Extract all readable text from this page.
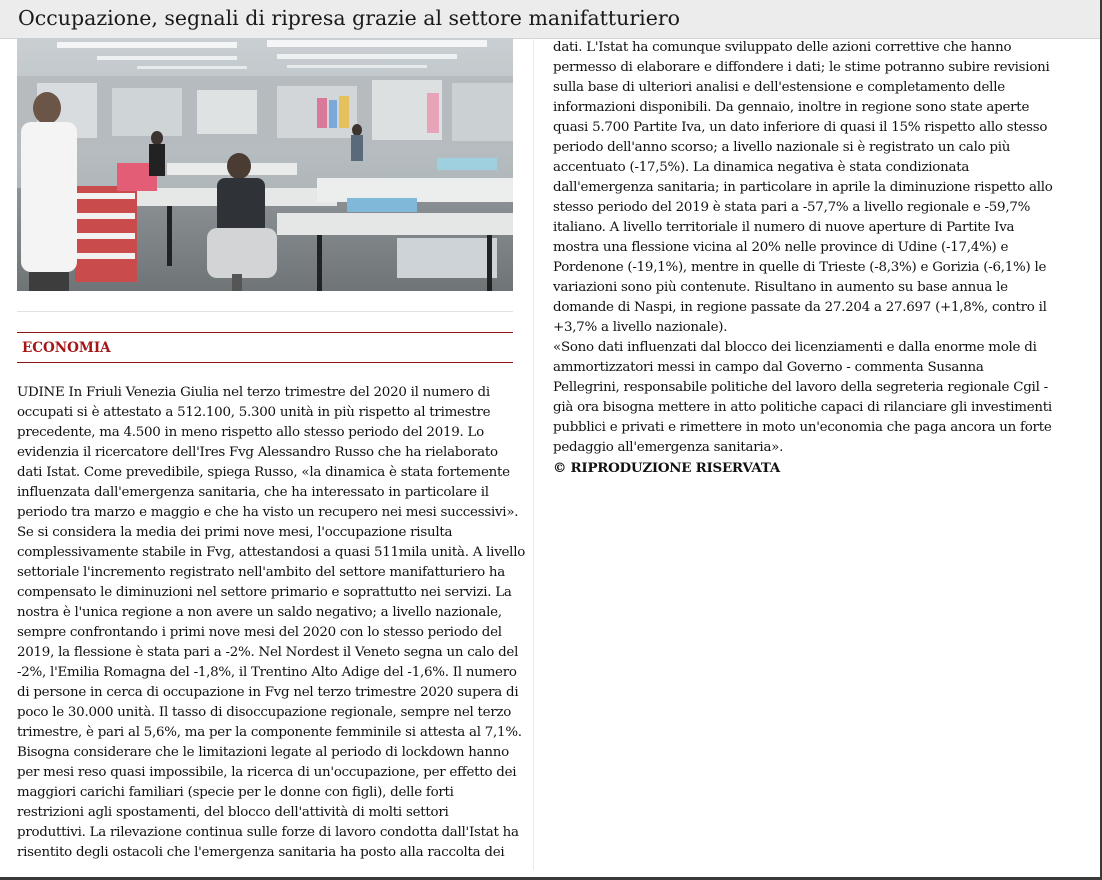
Occupazione, segnali di ripresa grazie al settore manifatturiero
ECONOMIA
UDINE In Friuli Venezia Giulia nel terzo trimestre del 2020 il numero di
occupati si è attestato a 512.100, 5.300 unità in più rispetto al trimestre
precedente, ma 4.500 in meno rispetto allo stesso periodo del 2019. Lo
evidenzia il ricercatore dell'Ires Fvg Alessandro Russo che ha rielaborato
dati Istat. Come prevedibile, spiega Russo, «la dinamica è stata fortemente
influenzata dall'emergenza sanitaria, che ha interessato in particolare il
periodo tra marzo e maggio e che ha visto un recupero nei mesi successivi».
Se si considera la media dei primi nove mesi, l'occupazione risulta
complessivamente stabile in Fvg, attestandosi a quasi 511mila unità. A livello
settoriale l'incremento registrato nell'ambito del settore manifatturiero ha
compensato le diminuzioni nel settore primario e soprattutto nei servizi. La
nostra è l'unica regione a non avere un saldo negativo; a livello nazionale,
sempre confrontando i primi nove mesi del 2020 con lo stesso periodo del
2019, la flessione è stata pari a -2%. Nel Nordest il Veneto segna un calo del
-2%, l'Emilia Romagna del -1,8%, il Trentino Alto Adige del -1,6%. Il numero
di persone in cerca di occupazione in Fvg nel terzo trimestre 2020 supera di
poco le 30.000 unità. Il tasso di disoccupazione regionale, sempre nel terzo
trimestre, è pari al 5,6%, ma per la componente femminile si attesta al 7,1%.
Bisogna considerare che le limitazioni legate al periodo di lockdown hanno
per mesi reso quasi impossibile, la ricerca di un'occupazione, per effetto dei
maggiori carichi familiari (specie per le donne con figli), delle forti
restrizioni agli spostamenti, del blocco dell'attività di molti settori
produttivi. La rilevazione continua sulle forze di lavoro condotta dall'Istat ha
risentito degli ostacoli che l'emergenza sanitaria ha posto alla raccolta dei
dati. L'Istat ha comunque sviluppato delle azioni correttive che hanno
permesso di elaborare e diffondere i dati; le stime potranno subire revisioni
sulla base di ulteriori analisi e dell'estensione e completamento delle
informazioni disponibili. Da gennaio, inoltre in regione sono state aperte
quasi 5.700 Partite Iva, un dato inferiore di quasi il 15% rispetto allo stesso
periodo dell'anno scorso; a livello nazionale si è registrato un calo più
accentuato (-17,5%). La dinamica negativa è stata condizionata
dall'emergenza sanitaria; in particolare in aprile la diminuzione rispetto allo
stesso periodo del 2019 è stata pari a -57,7% a livello regionale e -59,7%
italiano. A livello territoriale il numero di nuove aperture di Partite Iva
mostra una flessione vicina al 20% nelle province di Udine (-17,4%) e
Pordenone (-19,1%), mentre in quelle di Trieste (-8,3%) e Gorizia (-6,1%) le
variazioni sono più contenute. Risultano in aumento su base annua le
domande di Naspi, in regione passate da 27.204 a 27.697 (+1,8%, contro il
+3,7% a livello nazionale).
«Sono dati influenzati dal blocco dei licenziamenti e dalla enorme mole di
ammortizzatori messi in campo dal Governo - commenta Susanna
Pellegrini, responsabile politiche del lavoro della segreteria regionale Cgil -
già ora bisogna mettere in atto politiche capaci di rilanciare gli investimenti
pubblici e privati e rimettere in moto un'economia che paga ancora un forte
pedaggio all'emergenza sanitaria».
© RIPRODUZIONE RISERVATA
